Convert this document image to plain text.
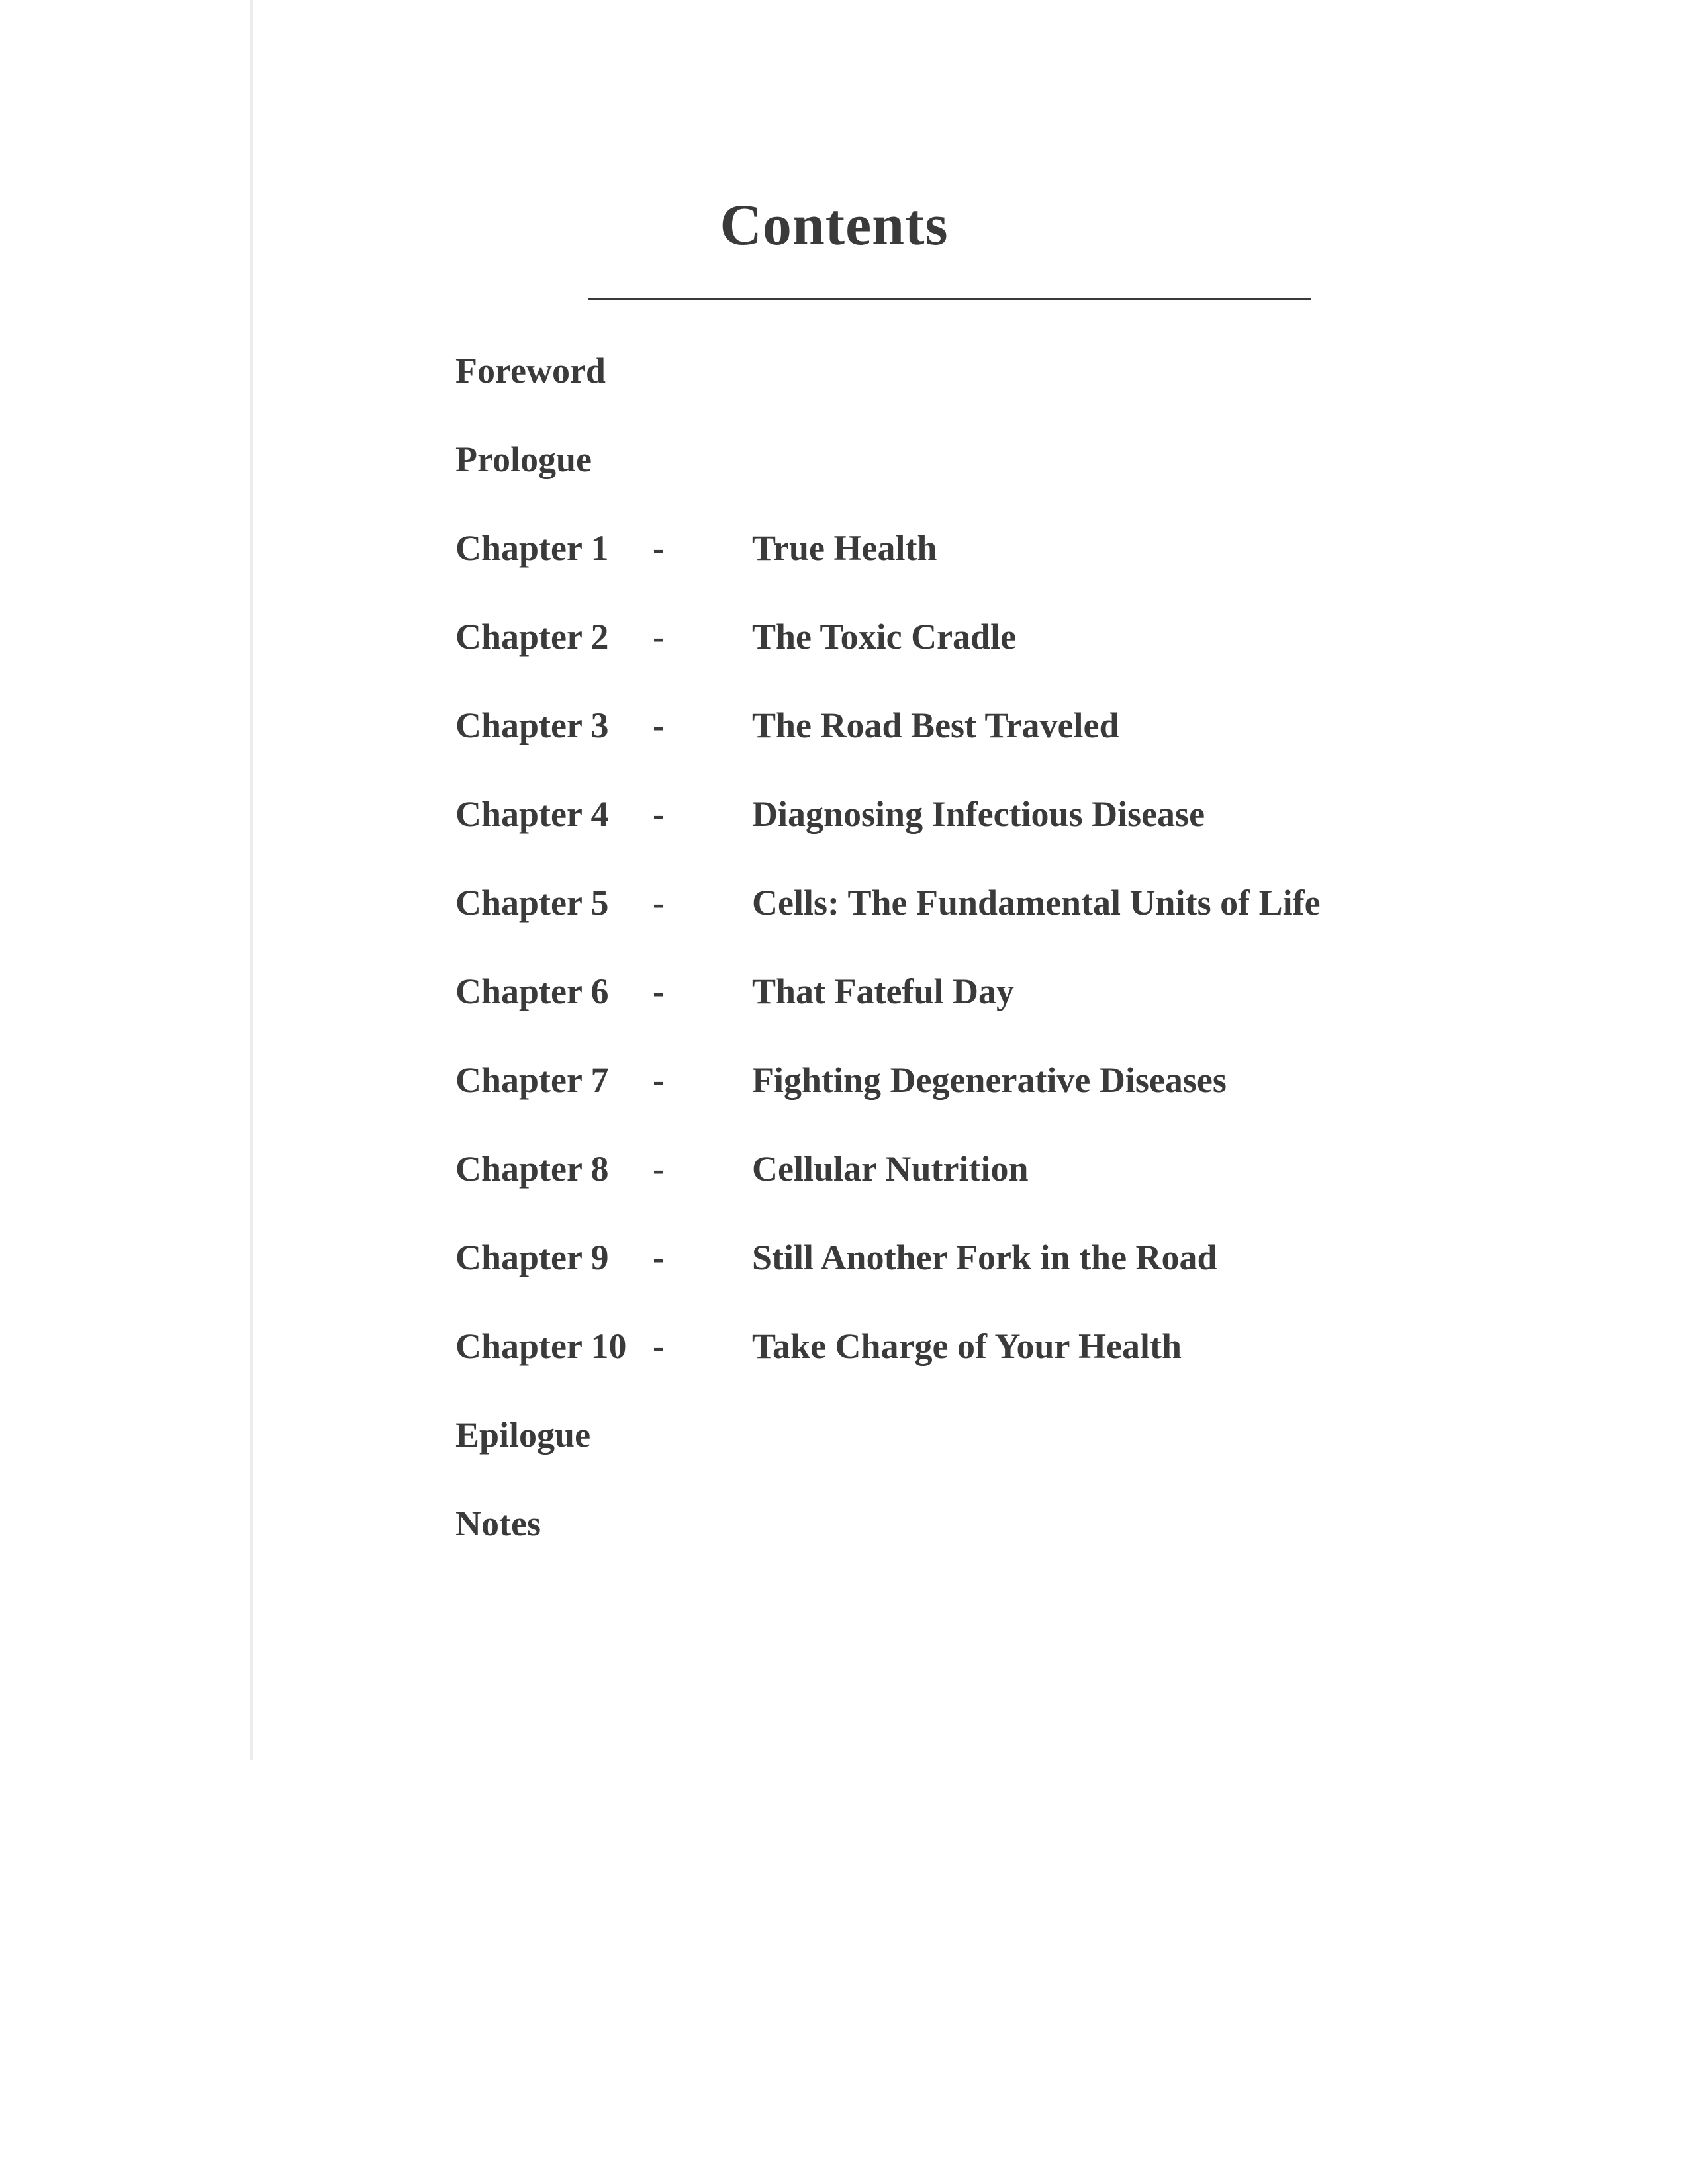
Contents
Foreword
Prologue
Chapter 1 - True Health
Chapter 2 - The Toxic Cradle
Chapter 3 - The Road Best Traveled
Chapter 4 - Diagnosing Infectious Disease
Chapter 5 - Cells: The Fundamental Units of Life
Chapter 6 - That Fateful Day
Chapter 7 - Fighting Degenerative Diseases
Chapter 8 - Cellular Nutrition
Chapter 9 - Still Another Fork in the Road
Chapter 10 - Take Charge of Your Health
Epilogue
Notes
